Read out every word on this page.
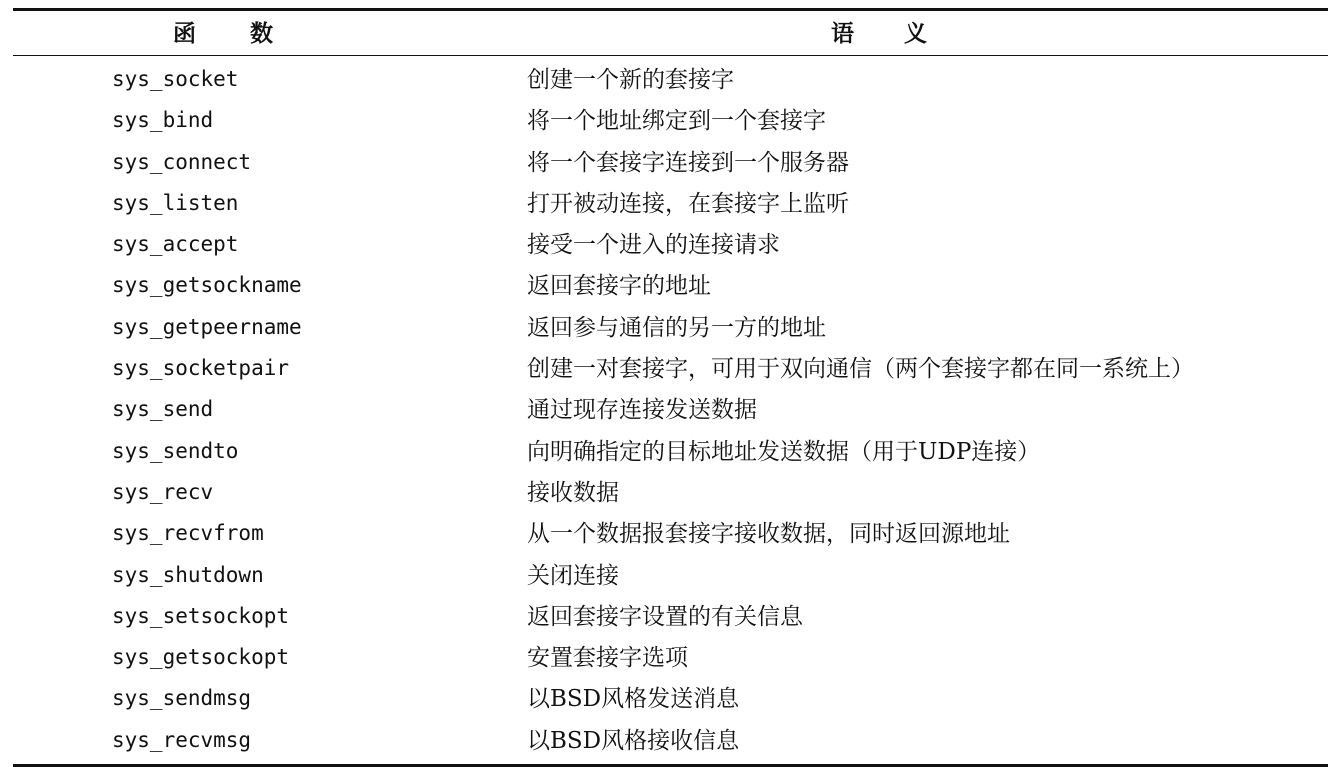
函 数	语 义
sys_socket	创建一个新的套接字
sys_bind	将一个地址绑定到一个套接字
sys_connect	将一个套接字连接到一个服务器
sys_listen	打开被动连接，在套接字上监听
sys_accept	接受一个进入的连接请求
sys_getsockname	返回套接字的地址
sys_getpeername	返回参与通信的另一方的地址
sys_socketpair	创建一对套接字，可用于双向通信（两个套接字都在同一系统上）
sys_send	通过现存连接发送数据
sys_sendto	向明确指定的目标地址发送数据（用于UDP连接）
sys_recv	接收数据
sys_recvfrom	从一个数据报套接字接收数据，同时返回源地址
sys_shutdown	关闭连接
sys_setsockopt	返回套接字设置的有关信息
sys_getsockopt	安置套接字选项
sys_sendmsg	以BSD风格发送消息
sys_recvmsg	以BSD风格接收信息
